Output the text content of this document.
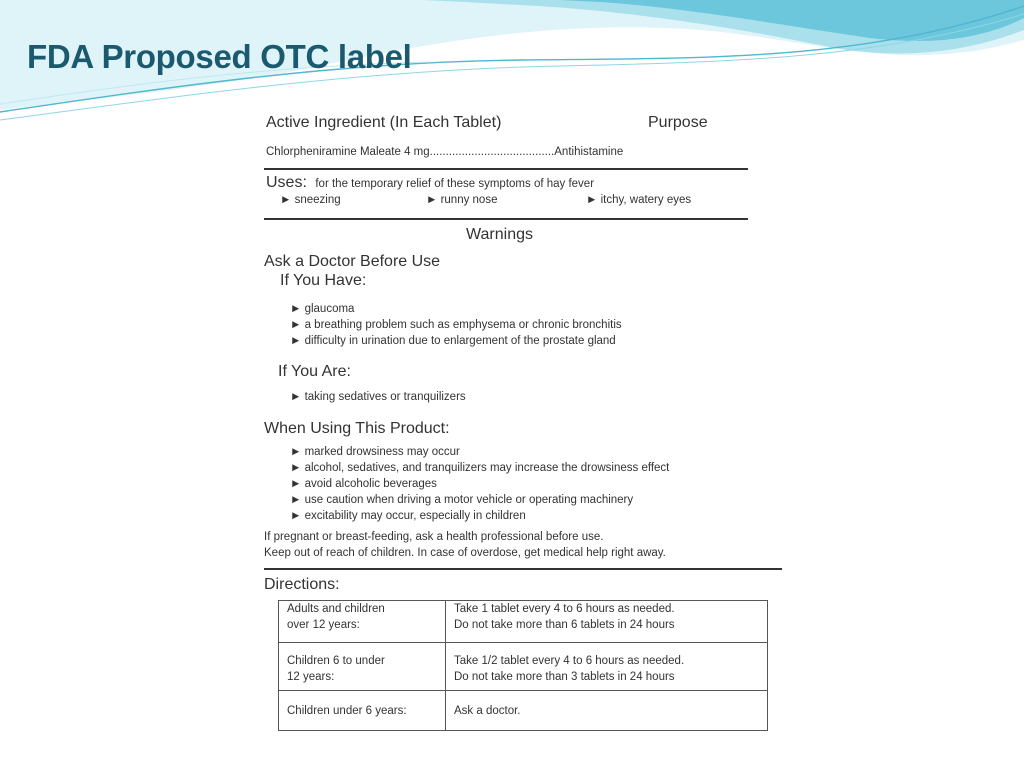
FDA Proposed OTC label
Active Ingredient (In Each Tablet)	Purpose
Chlorpheniramine Maleate 4 mg.......................................Antihistamine
Uses: for the temporary relief of these symptoms of hay fever
► sneezing	► runny nose	► itchy, watery eyes
Warnings
Ask a Doctor Before Use
If You Have:
► glaucoma
► a breathing problem such as emphysema or chronic bronchitis
► difficulty in urination due to enlargement of the prostate gland
If You Are:
► taking sedatives or tranquilizers
When Using This Product:
► marked drowsiness may occur
► alcohol, sedatives, and tranquilizers may increase the drowsiness effect
► avoid alcoholic beverages
► use caution when driving a motor vehicle or operating machinery
► excitability may occur, especially in children
If pregnant or breast-feeding, ask a health professional before use.
Keep out of reach of children. In case of overdose, get medical help right away.
Directions:
Adults and children
over 12 years:	Take 1 tablet every 4 to 6 hours as needed.
Do not take more than 6 tablets in 24 hours

Children 6 to under
12 years:	Take 1/2 tablet every 4 to 6 hours as needed.
Do not take more than 3 tablets in 24 hours

Children under 6 years:	Ask a doctor.
